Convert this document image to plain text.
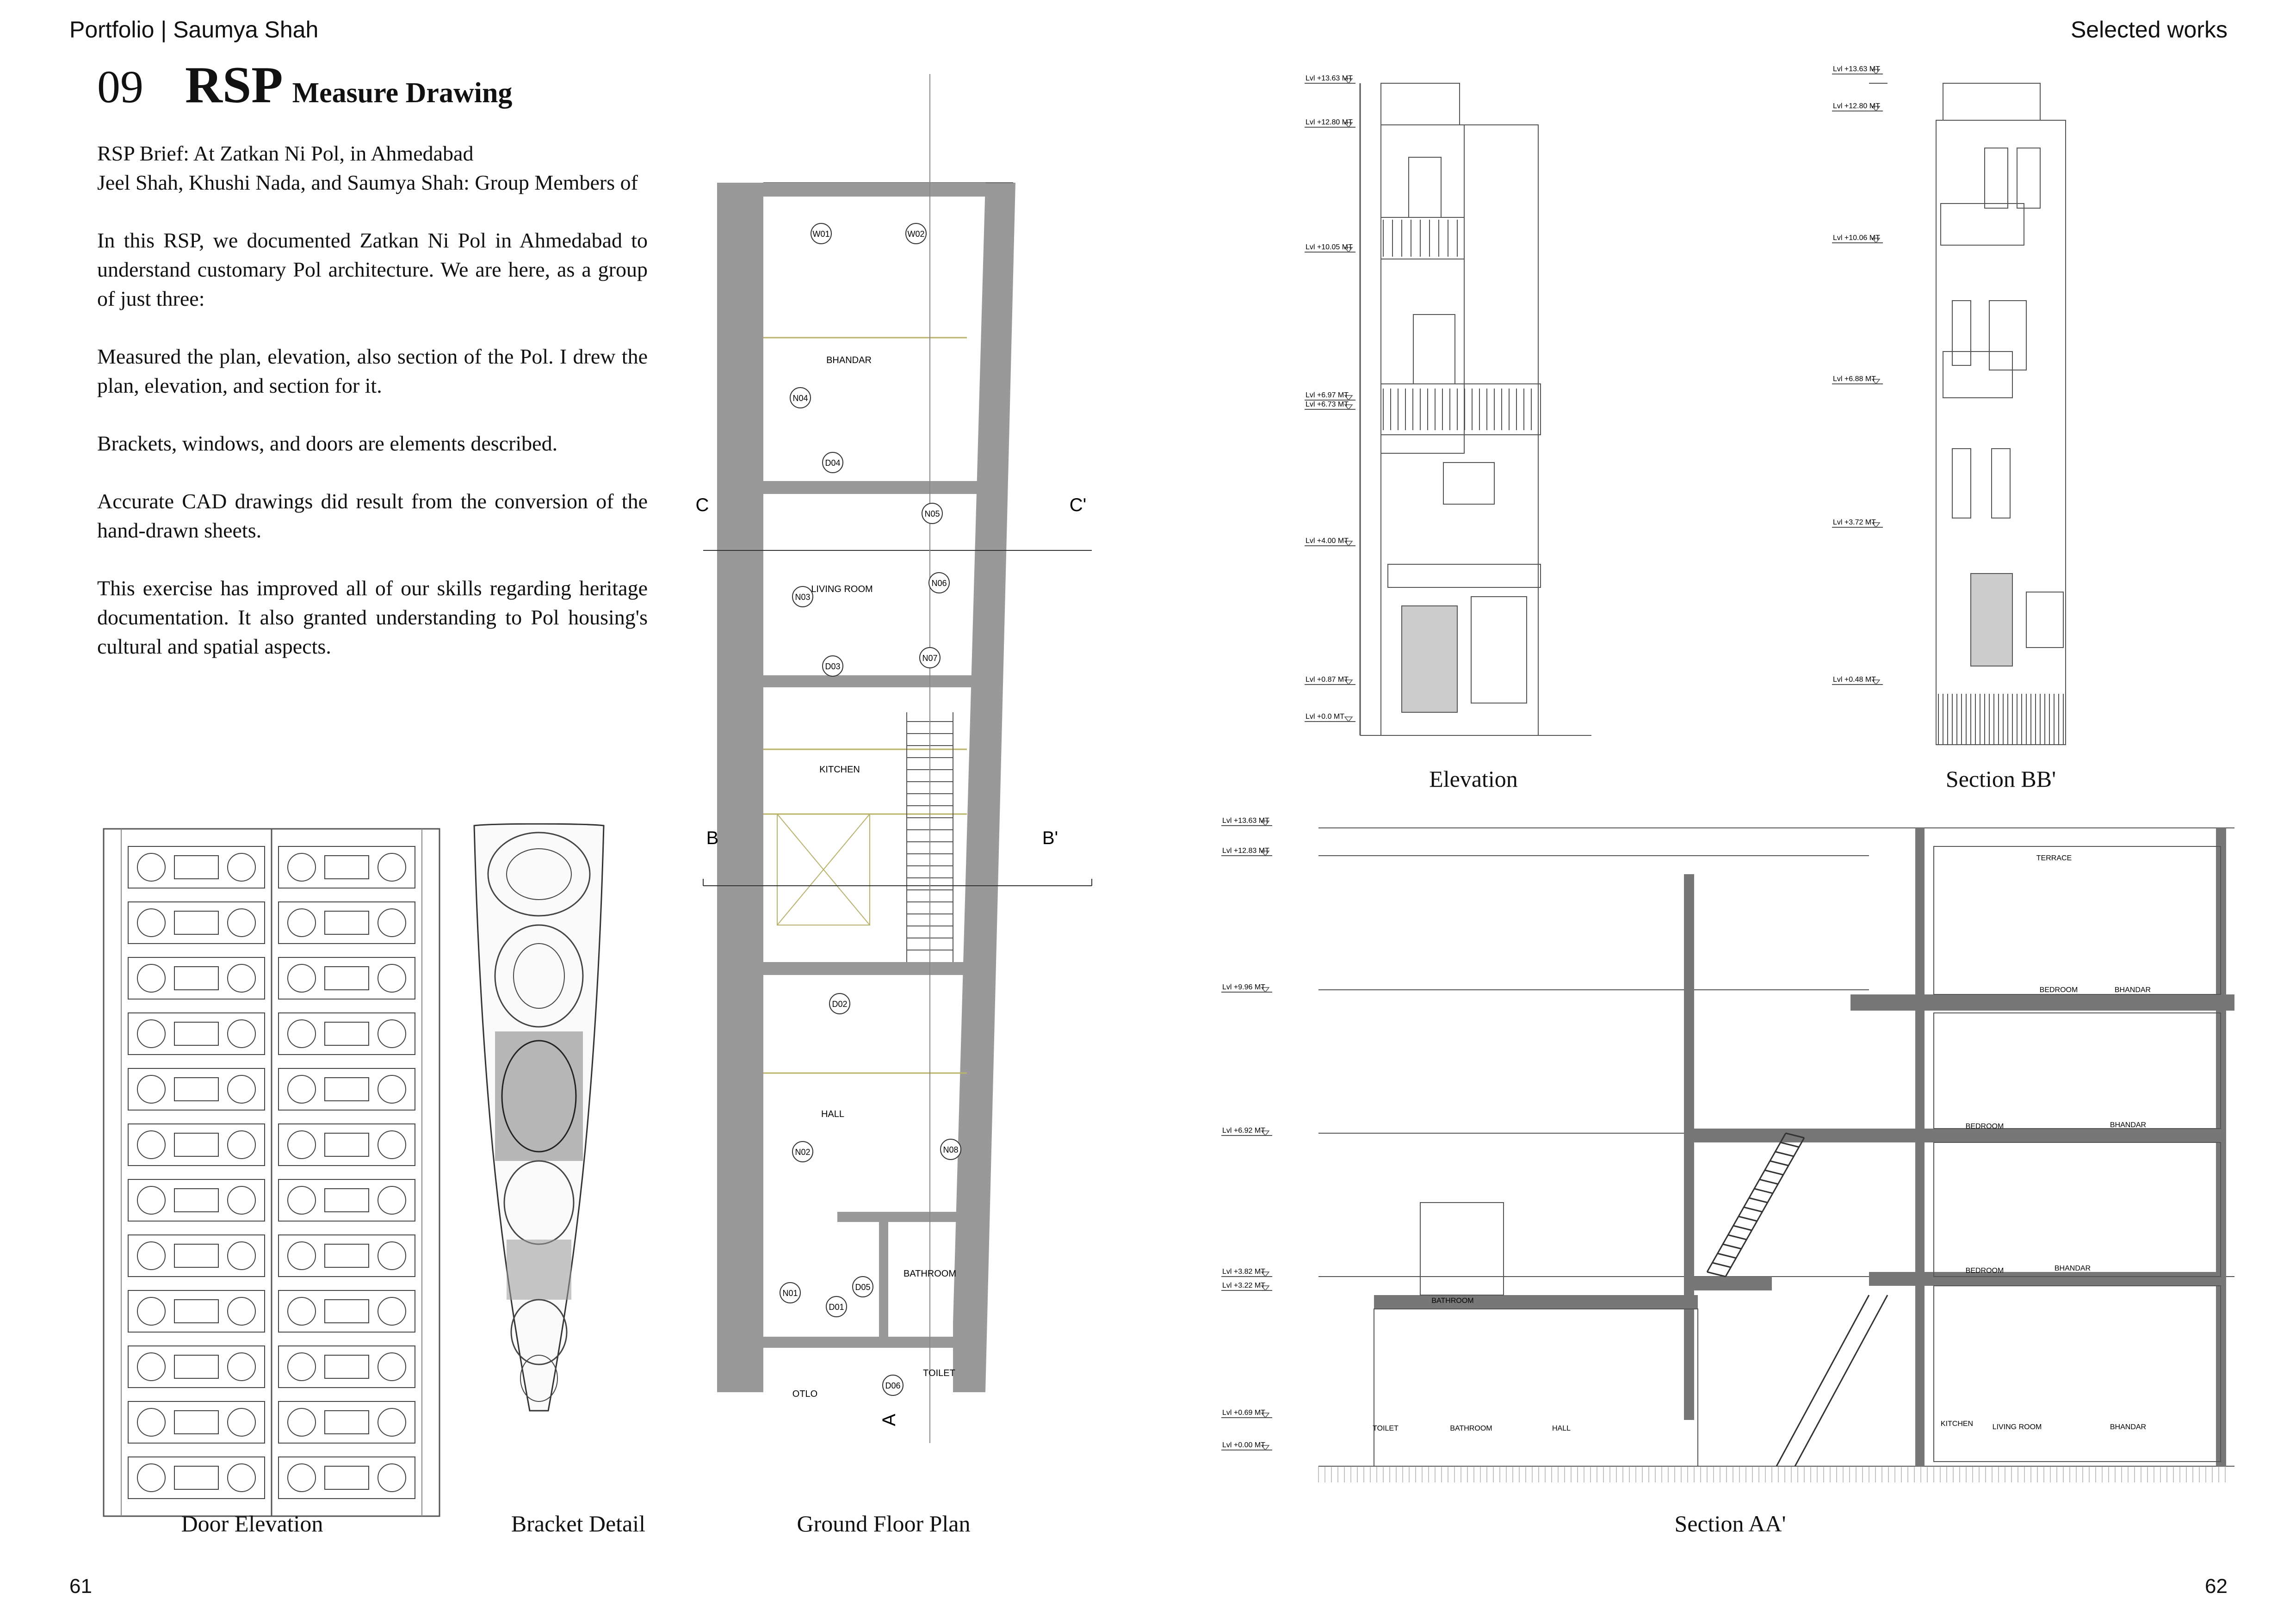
Portfolio | Saumya Shah	Selected works
09 RSP Measure Drawing

RSP Brief: At Zatkan Ni Pol, in Ahmedabad

Jeel Shah, Khushi Nada, and Saumya Shah: Group Members of

In this RSP, we documented Zatkan Ni Pol in Ahmedabad to understand customary Pol architecture. We are here, as a group of just three:

Measured the plan, elevation, also section of the Pol. I drew the plan, elevation, and section for it.

Brackets, windows, and doors are elements described.

Accurate CAD drawings did result from the conversion of the hand-drawn sheets.

This exercise has improved all of our skills regarding heritage documentation. It also granted understanding to Pol housing's cultural and spatial aspects.

BHANDAR
LIVING ROOM
KITCHEN
HALL
BATHROOM
TOILET
OTLO
C	C'
B	B'
A
W01	W02
N04
D04
N05
N03
N06
D03
N07
D02
N02	N08
N01
D01
D05
D06
Lvl +13.63 MT
Lvl +12.80 MT
Lvl +10.05 MT
Lvl +6.97 MT
Lvl +6.73 MT
Lvl +4.00 MT
Lvl +0.87 MT
Lvl +0.0 MT
Lvl +13.63 MT
Lvl +12.80 MT
Lvl +10.06 MT
Lvl +6.88 MT
Lvl +3.72 MT
Lvl +0.48 MT
Lvl +13.63 MT
Lvl +12.83 MT
Lvl +9.96 MT
Lvl +6.92 MT
Lvl +3.82 MT
Lvl +3.22 MT
Lvl +0.69 MT
Lvl +0.00 MT
TERRACE
BEDROOM	BHANDAR
BEDROOM	BHANDAR
BEDROOM	BHANDAR
BATHROOM
TOILET	BATHROOM	HALL
KITCHEN	LIVING ROOM	BHANDAR
Door Elevation	Bracket Detail	Ground Floor Plan
Elevation	Section BB'
Section AA'
61	62
